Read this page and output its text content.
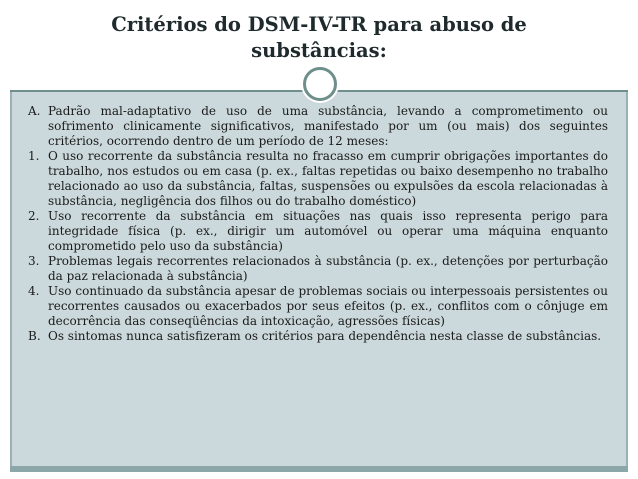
Critérios do DSM-IV-TR para abuso de
substâncias:

A. Padrão mal-adaptativo de uso de uma substância, levando a comprometimento ou sofrimento clinicamente significativos, manifestado por um (ou mais) dos seguintes critérios, ocorrendo dentro de um período de 12 meses:

1. O uso recorrente da substância resulta no fracasso em cumprir obrigações importantes do trabalho, nos estudos ou em casa (p. ex., faltas repetidas ou baixo desempenho no trabalho relacionado ao uso da substância, faltas, suspensões ou expulsões da escola relacionadas à substância, negligência dos filhos ou do trabalho doméstico)

2. Uso recorrente da substância em situações nas quais isso representa perigo para integridade física (p. ex., dirigir um automóvel ou operar uma máquina enquanto comprometido pelo uso da substância)

3. Problemas legais recorrentes relacionados à substância (p. ex., detenções por perturbação da paz relacionada à substância)

4. Uso continuado da substância apesar de problemas sociais ou interpessoais persistentes ou recorrentes causados ou exacerbados por seus efeitos (p. ex., conflitos com o cônjuge em decorrência das conseqüências da intoxicação, agressões físicas)

B. Os sintomas nunca satisfizeram os critérios para dependência nesta classe de substâncias.
